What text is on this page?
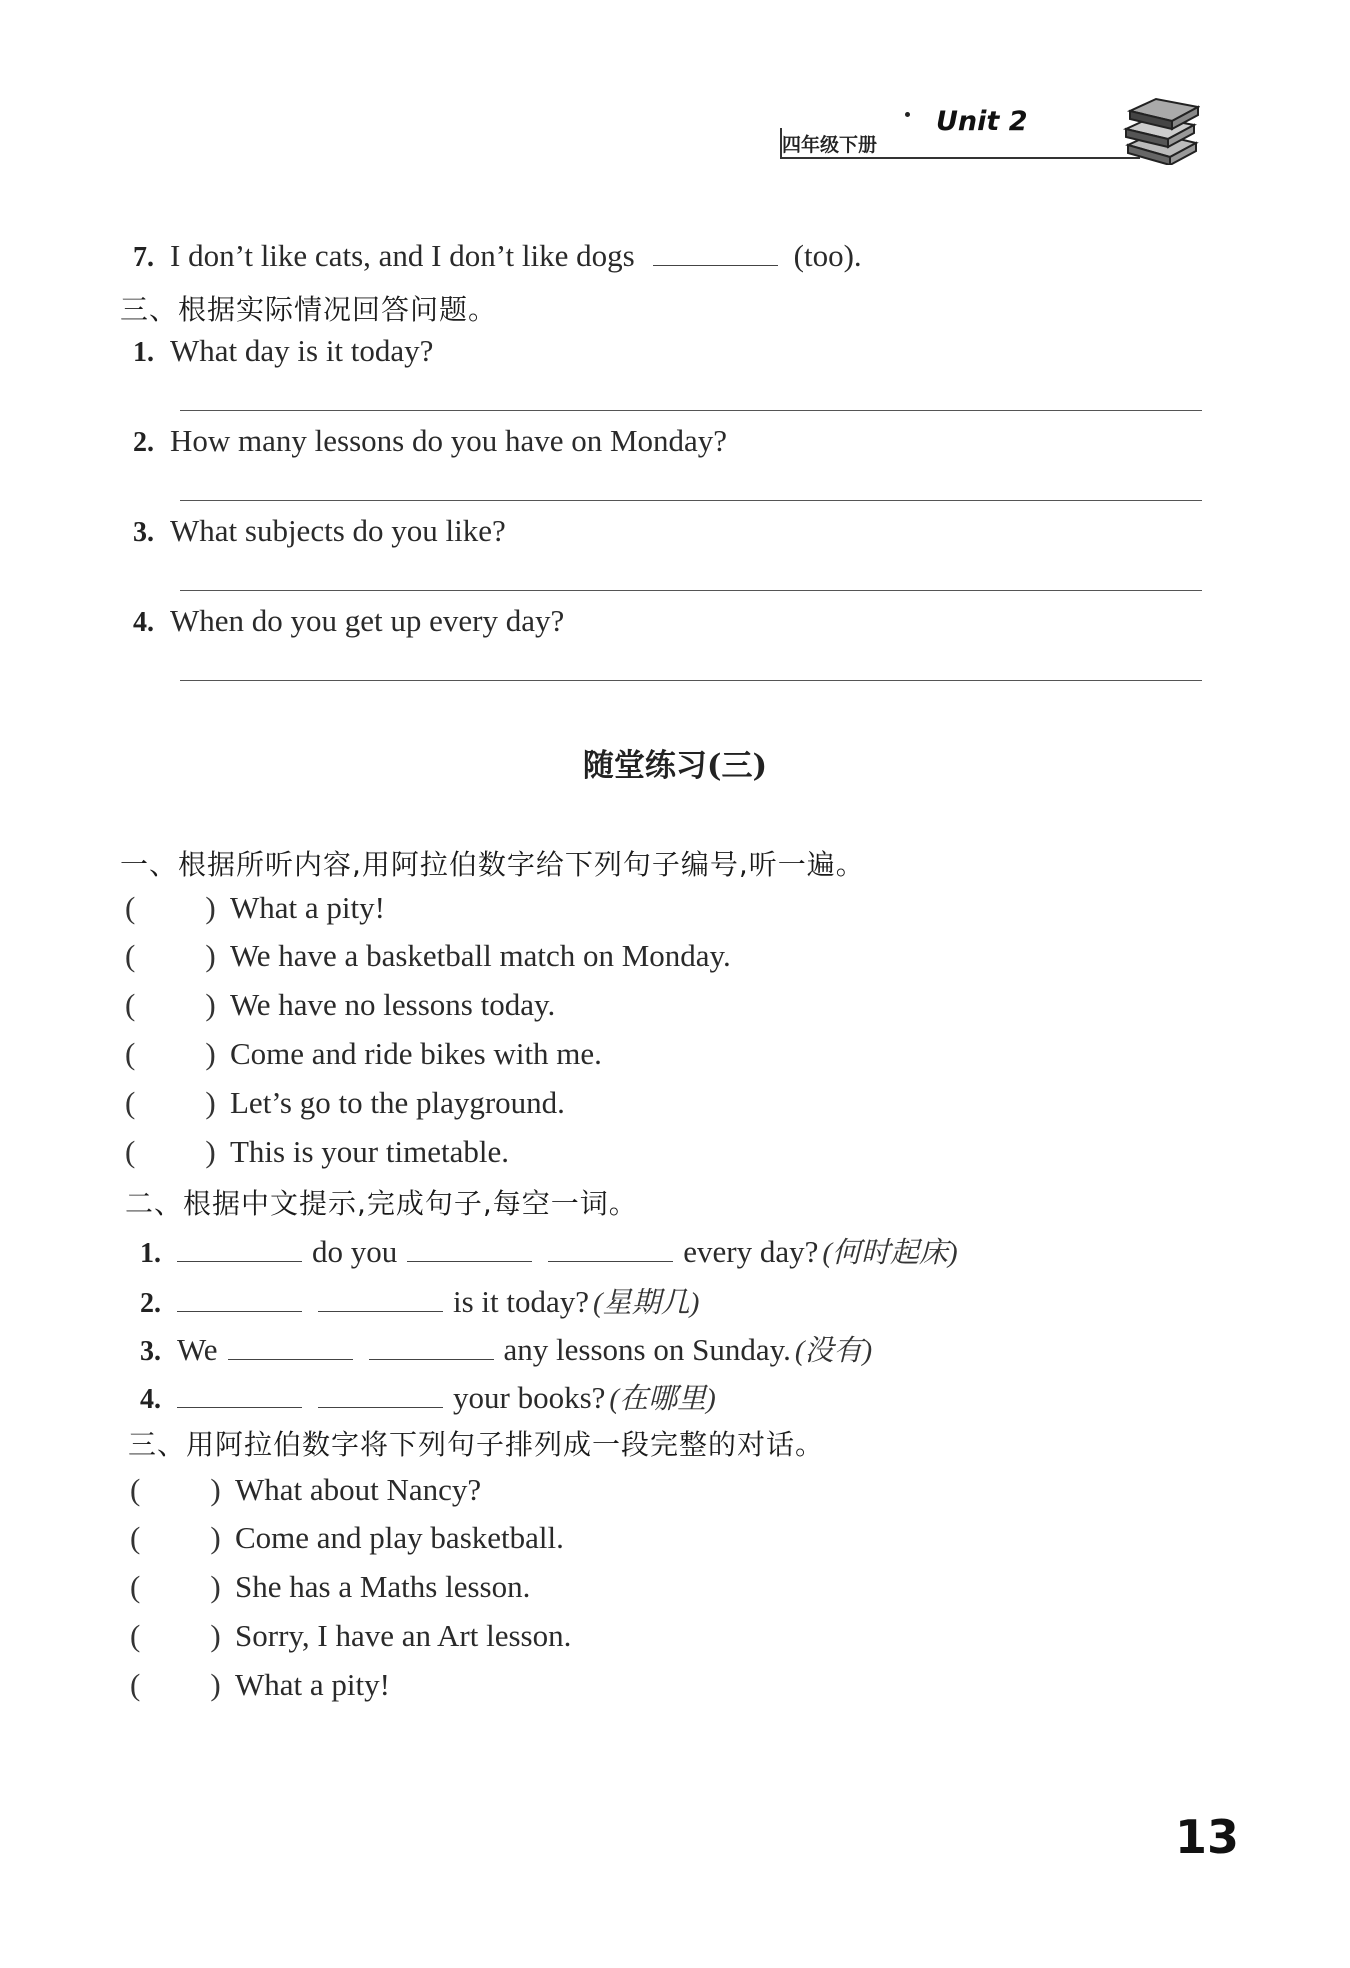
四年级下册
Unit 2
7. I don’t like cats, and I don’t like dogs	(too).
三、根据实际情况回答问题。
1. What day is it today?
2. How many lessons do you have on Monday?
3. What subjects do you like?
4. When do you get up every day?
随堂练习(三)
一、根据所听内容,用阿拉伯数字给下列句子编号,听一遍。
( ) What a pity!
( ) We have a basketball match on Monday.
( ) We have no lessons today.
( ) Come and ride bikes with me.
( ) Let’s go to the playground.
( ) This is your timetable.
二、根据中文提示,完成句子,每空一词。
1.	do you	every day? (何时起床)
2.	is it today? (星期几)
3. We	any lessons on Sunday. (没有)
4.	your books? (在哪里)
三、用阿拉伯数字将下列句子排列成一段完整的对话。
( ) What about Nancy?
( ) Come and play basketball.
( ) She has a Maths lesson.
( ) Sorry, I have an Art lesson.
( ) What a pity!
13
